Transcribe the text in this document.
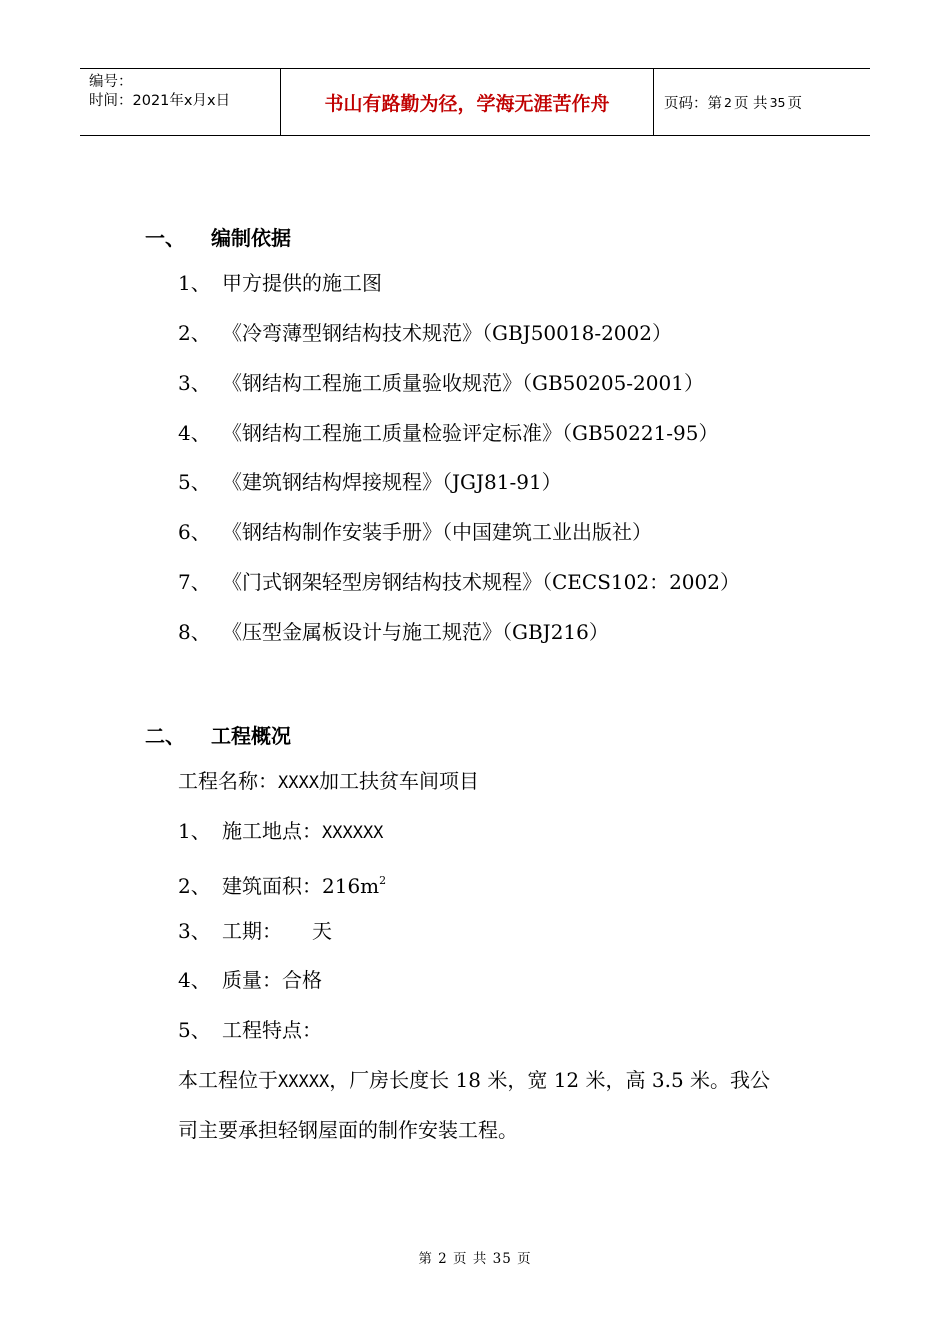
编号：
时间：2021年x月x日	书山有路勤为径，学海无涯苦作舟	页码：第 2 页 共 35 页
一、 编制依据
1、 甲方提供的施工图
2、 《冷弯薄型钢结构技术规范》（GBJ50018-2002）
3、 《钢结构工程施工质量验收规范》（GB50205-2001）
4、 《钢结构工程施工质量检验评定标准》（GB50221-95）
5、 《建筑钢结构焊接规程》（JGJ81-91）
6、 《钢结构制作安装手册》（中国建筑工业出版社）
7、 《门式钢架轻型房钢结构技术规程》（CECS102：2002）
8、 《压型金属板设计与施工规范》（GBJ216）
二、 工程概况
工程名称：XXXX加工扶贫车间项目
1、 施工地点：XXXXXX
2、 建筑面积：$216m^2$
3、 工期： 天
4、 质量：合格
5、 工程特点：
本工程位于XXXXX，厂房长度长 18 米，宽 12 米，高 3.5 米。我公
司主要承担轻钢屋面的制作安装工程。
第 2 页 共 35 页
